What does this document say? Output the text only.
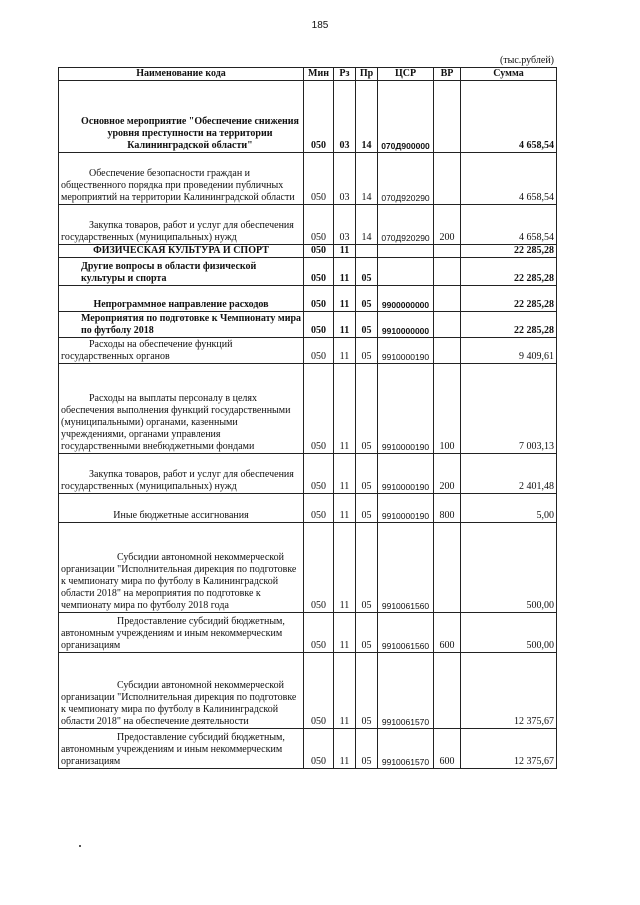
185
(тыс.рублей)
Наименование кода	Мин	Рз	Пр	ЦСР	ВР	Сумма
Основное мероприятие "Обеспечение снижения уровня преступности на территории Калининградской области"	050	03	14	070Д900000		4 658,54
Обеспечение безопасности граждан и общественного порядка при проведении публичных мероприятий на территории Калининградской области	050	03	14	070Д920290		4 658,54
Закупка товаров, работ и услуг для обеспечения государственных (муниципальных) нужд	050	03	14	070Д920290	200	4 658,54
ФИЗИЧЕСКАЯ КУЛЬТУРА И СПОРТ	050	11				22 285,28
Другие вопросы в области физической культуры и спорта	050	11	05			22 285,28
Непрограммное направление расходов	050	11	05	9900000000		22 285,28
Мероприятия по подготовке к Чемпионату мира по футболу 2018	050	11	05	9910000000		22 285,28
Расходы на обеспечение функций государственных органов	050	11	05	9910000190		9 409,61
Расходы на выплаты персоналу в целях обеспечения выполнения функций государственными (муниципальными) органами, казенными учреждениями, органами управления государственными внебюджетными фондами	050	11	05	9910000190	100	7 003,13
Закупка товаров, работ и услуг для обеспечения государственных (муниципальных) нужд	050	11	05	9910000190	200	2 401,48
Иные бюджетные ассигнования	050	11	05	9910000190	800	5,00
Субсидии автономной некоммерческой организации "Исполнительная дирекция по подготовке к чемпионату мира по футболу в Калининградской области 2018" на мероприятия по подготовке к чемпионату мира по футболу 2018 года	050	11	05	9910061560		500,00
Предоставление субсидий бюджетным, автономным учреждениям и иным некоммерческим организациям	050	11	05	9910061560	600	500,00
Субсидии автономной некоммерческой организации "Исполнительная дирекция по подготовке к чемпионату мира по футболу в Калининградской области 2018" на обеспечение деятельности	050	11	05	9910061570		12 375,67
Предоставление субсидий бюджетным, автономным учреждениям и иным некоммерческим организациям	050	11	05	9910061570	600	12 375,67
